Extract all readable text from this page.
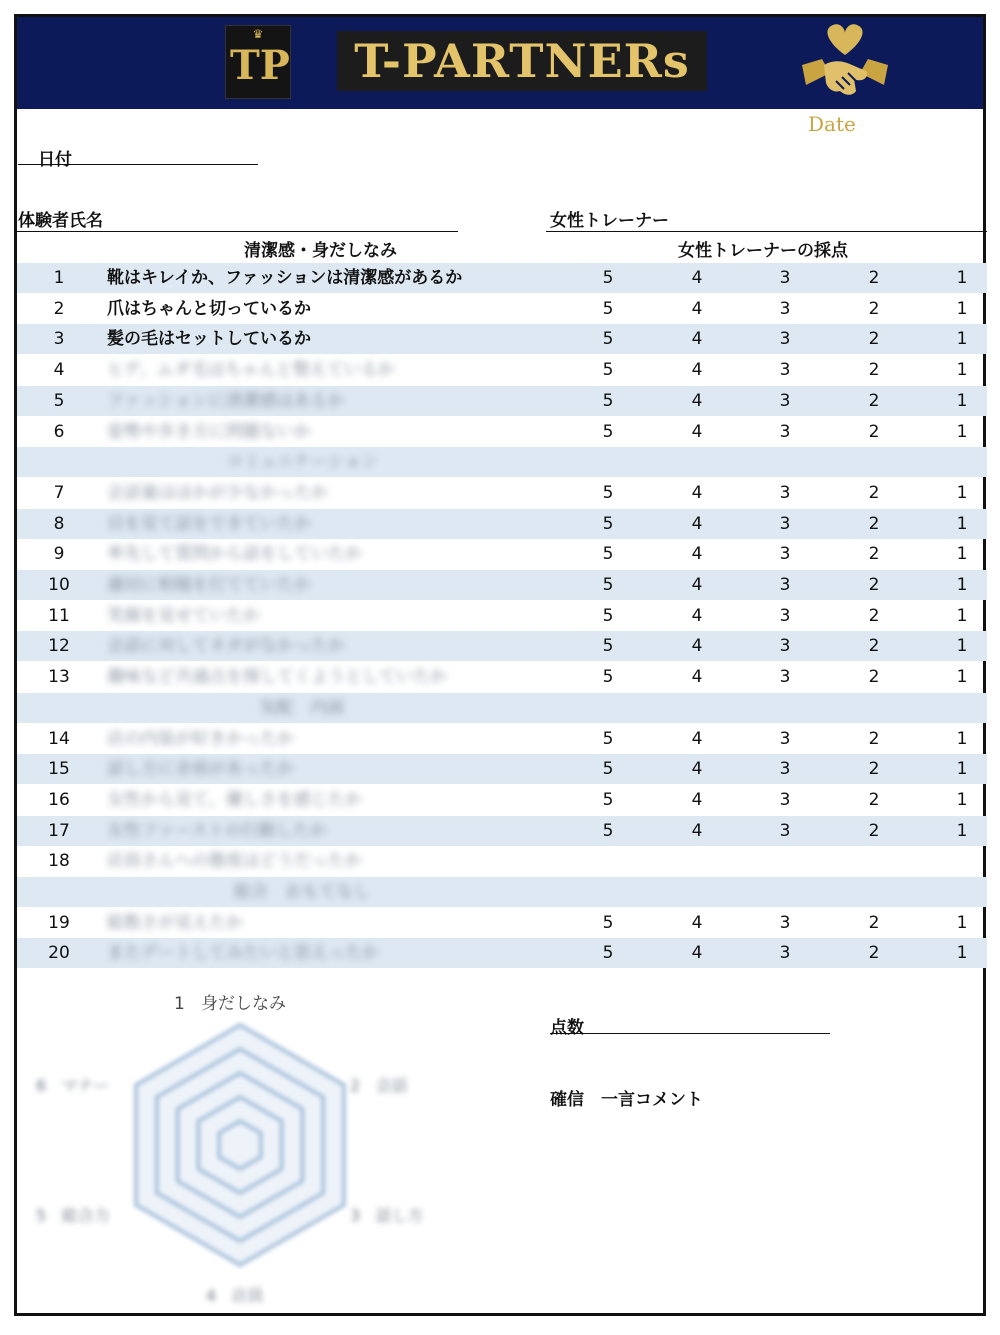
♛
TP	T-PARTNERs
Date
日付
体験者氏名	女性トレーナー
清潔感・身だしなみ	女性トレーナーの採点
1	靴はキレイか、ファッションは清潔感があるか	5	4	3	2	1
2	爪はちゃんと切っているか	5	4	3	2	1
3	髪の毛はセットしているか	5	4	3	2	1
4	ヒゲ、ムダ毛はちゃんと整えているか	5	4	3	2	1
5	ファッションに清潔感はあるか	5	4	3	2	1
6	姿勢や歩き方に問題ないか	5	4	3	2	1
コミュニケーション
7	会話量はほかが少なかったか	5	4	3	2	1
8	目を見て話をできていたか	5	4	3	2	1
9	率先して質問から話をしていたか	5	4	3	2	1
10	適切に相槌を打てていたか	5	4	3	2	1
11	笑顔を見せていたか	5	4	3	2	1
12	会話に対してネガがなかったか	5	4	3	2	1
13	趣味など共通点を探してくようとしていたか	5	4	3	2	1
気配　内面
14	店の内装が好きかったか	5	4	3	2	1
15	話し方に余裕があったか	5	4	3	2	1
16	女性から見て、優しさを感じたか	5	4	3	2	1
17	女性ファーストの行動したか	5	4	3	2	1
18	店員さんへの態度はどうだったか
総合　おもてなし
19	総数さが見えたか	5	4	3	2	1
20	またデートしてみたいと思えったか	5	4	3	2	1
1 身だしなみ
2 会話
3 話し方
4 店員
5 総合力
6 マナー
点数
確信　一言コメント
